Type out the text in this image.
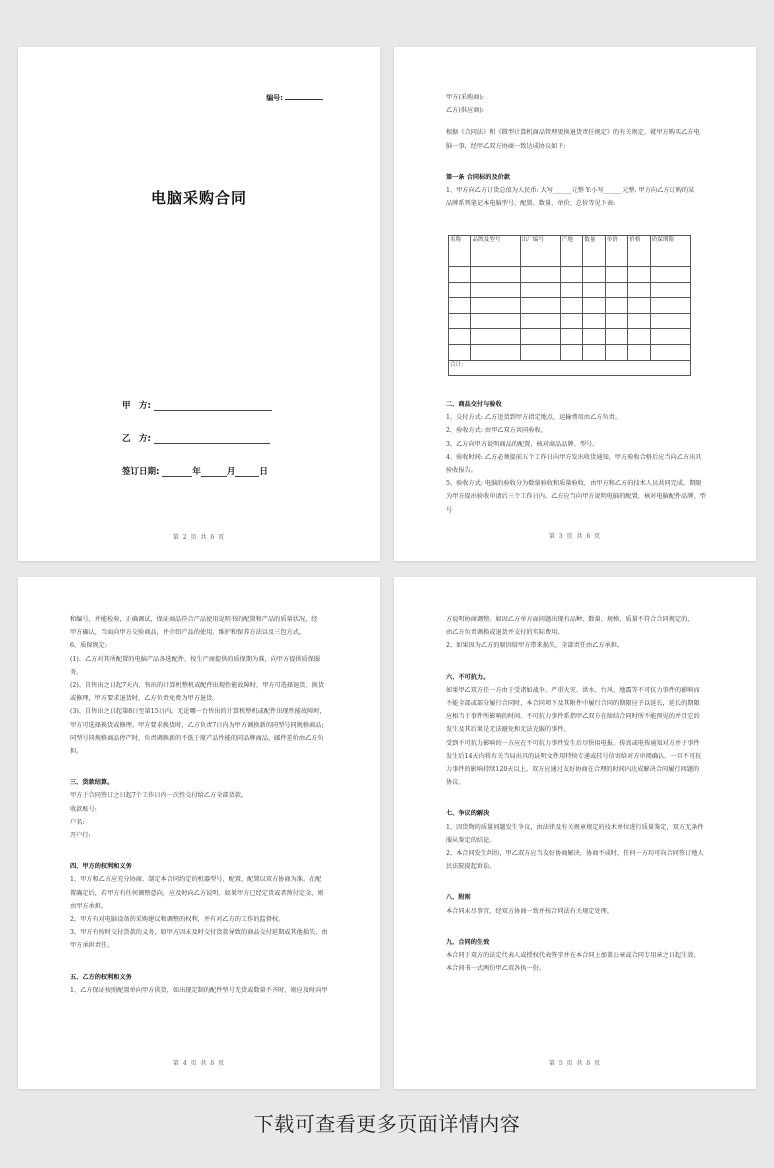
编号:
电脑采购合同
甲　方:
乙　方:
签订日期:	年	月	日
第 2 页 共 6 页

甲方(采购商):

乙方(供应商):

根据《合同法》和《微型计算机商品管理更换退货责任规定》的有关规定，就甲方购买乙方电

脑一事，经甲乙双方协商一致达成协议如下:

第一条 合同标的及价款

1、甲方向乙方订货总值为人民币: 大写______元整 Y:小写______元整. 甲方向乙方订购的某

品牌系列笔记本电脑型号、配置、数量、单价、总价等见下表:

名称	品牌及型号	出厂编号	产地	数量	单价	价格	质保期限

合计:							

二、商品交付与验收

1、交付方式: 乙方送货到甲方指定地点，运输费用由乙方负责。

2、验收方式: 由甲乙双方共同验收。

3、乙方向甲方说明商品的配置，核对商品品牌、型号。

4、验收时间: 乙方必须提前五个工作日向甲方发出收货通知，甲方验收合格后应当向乙方出具

验收报告。

5、验收方式: 电脑的验收分为数量验收和质量验收，由甲方和乙方的技术人员共同完成。期限

为甲方提出验收申请后三个工作日内。乙方应当向甲方说明电脑的配置，核对电脑配件品牌、型号

第 3 页 共 6 页

和编号，并能检验，正确调试，保证商品符合产品使用说明书的配置和产品的质量状况，经

甲方确认，当面向甲方交验商品，并介绍产品的使用、维护和保养方法以及三包方式。

6、质保规定:

(1)、乙方对其所配置的电脑产品各选配件，按生产商提供的质保期为准，向甲方提供质保服务。

(2)、自售出之日起7天内，售出的计算机整机或配件出现性能故障时，甲方可选择退货、换货

或修理，甲方要求退货时，乙方负责免费为甲方退货。

(3)、自售出之日起第8日至第15日内，无论哪一台售出的计算机整机或配件出现性能故障时，

甲方可选择换货或修理。甲方要求换货时，乙方负责7日内为甲方调换新的同型号同规格商品;

同型号同规格商品停产时，负责调换新的不低于原产品性能的同品牌商品，邮件差价由乙方负

担。

三、货款结算。

甲方于合同签订之日起7个工作日内一次性交付给乙方全部货款。

收款账号:

户名:

开户行:

四、甲方的权利和义务

1、甲方和乙方应充分协商，制定本合同约定的机器型号、配置，配置以双方协商为准。在配

置确定后，若甲方有任何调整意向，应及时向乙方说明。如果甲方已经定货或者预付定金，则

由甲方承担。

2、甲方有对电脑设备的采购建议和调整的权利，并有对乙方的工作的监督权。

3、甲方有按时交付货款的义务，如甲方因未及时交付货款导致的商品交付延期或其他损失，由

甲方承担责任。

五、乙方的权利和义务

1、乙方保证按照配置单向甲方供货，如出现定制的配件型号无货或数量不齐时，则应及时向甲

第 4 页 共 6 页

方说明协商调整。如因乙方单方面问题出现有品种、数量、规格、质量不符合合同规定的，

由乙方负责调换或退货并支付的实际费用。

2、如果因为乙方的原因给甲方带来损失，全部责任由乙方承担。

六、不可抗力。

如果甲乙双方任一方由于受诸如战争、严重火灾、洪水、台风、地震等不可抗力事件的影响而

不能全部或部分履行合同时，本合同项下及其附件中履行合同的期限应予以延长，延长的期限

应相当于事件所影响的时间。不可抗力事件系指甲乙双方在缔结合同时所不能预见的并且它的

发生及其后果是无法避免和无法克服的事件。

受到不可抗力影响的一方应在不可抗力事件发生后尽快用电报、传真或电传通知对方并于事件

发生后14天内将有关当局出具的证明文件用特快专递或挂号信寄给对方审阅确认。一旦不可抗

力事件的影响持续120天以上，双方应通过友好协商在合理的时间内达成解决合同履行问题的

协议。

七、争议的解决

1、因货物的质量问题发生争议，由法律及有关规章规定的技术单位进行质量鉴定，双方无条件

服从鉴定的结论。

2、本合同发生纠纷，甲乙双方应当友好协商解决，协商不成时，任何一方均可向合同签订地人

民法院提起诉讼。

八、附则

本合同未尽事宜，经双方协商一致并按合同法有关规定处理。

九、合同的生效

本合同于双方的法定代表人或授权代表签字并在本合同上加盖公章或合同专用章之日起生效。

本合同书一式两份甲乙双各执一份。

第 5 页 共 6 页
下载可查看更多页面详情内容
